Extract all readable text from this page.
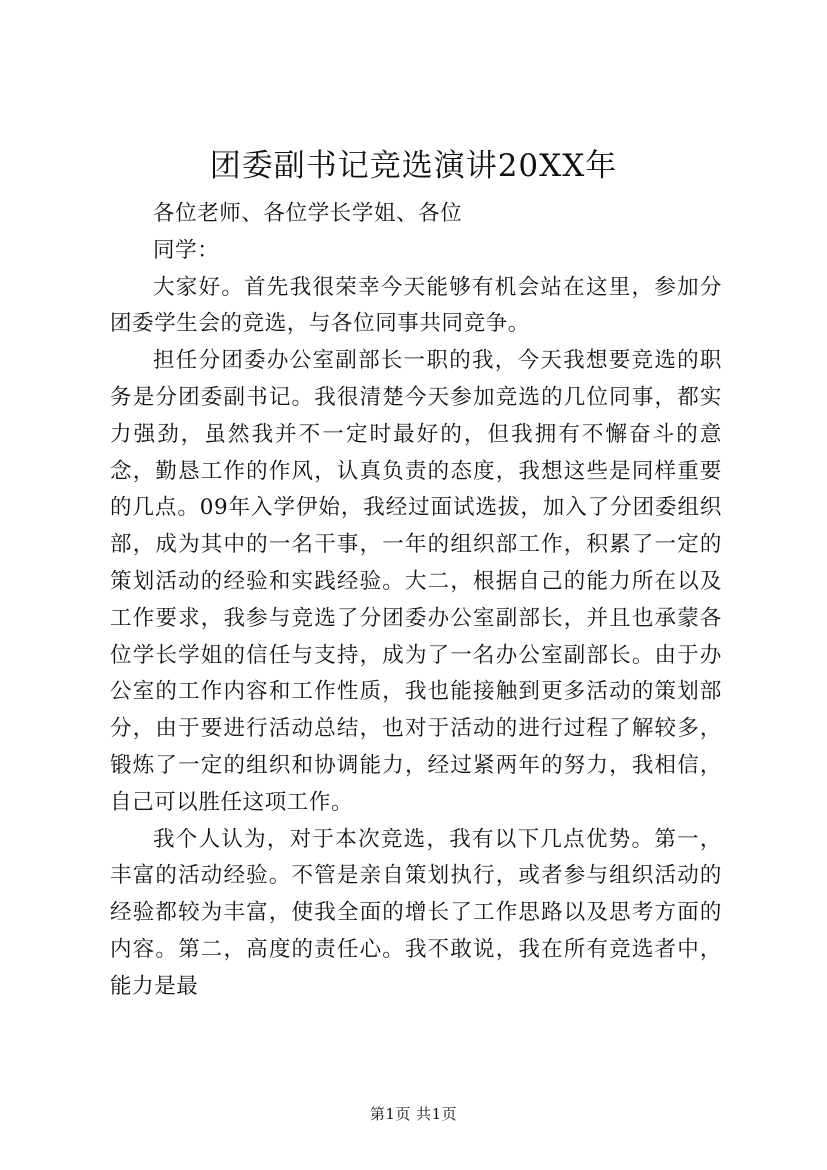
团委副书记竞选演讲20XX年

各位老师、各位学长学姐、各位

同学：

大家好。首先我很荣幸今天能够有机会站在这里，参加分团委学生会的竞选，与各位同事共同竞争。

担任分团委办公室副部长一职的我，今天我想要竞选的职务是分团委副书记。我很清楚今天参加竞选的几位同事，都实力强劲，虽然我并不一定时最好的，但我拥有不懈奋斗的意念，勤恳工作的作风，认真负责的态度，我想这些是同样重要的几点。09年入学伊始，我经过面试选拔，加入了分团委组织部，成为其中的一名干事，一年的组织部工作，积累了一定的策划活动的经验和实践经验。大二，根据自己的能力所在以及工作要求，我参与竞选了分团委办公室副部长，并且也承蒙各位学长学姐的信任与支持，成为了一名办公室副部长。由于办公室的工作内容和工作性质，我也能接触到更多活动的策划部分，由于要进行活动总结，也对于活动的进行过程了解较多，锻炼了一定的组织和协调能力，经过紧两年的努力，我相信，自己可以胜任这项工作。

我个人认为，对于本次竞选，我有以下几点优势。第一，丰富的活动经验。不管是亲自策划执行，或者参与组织活动的经验都较为丰富，使我全面的增长了工作思路以及思考方面的内容。第二，高度的责任心。我不敢说，我在所有竞选者中，能力是最

第1页 共1页
